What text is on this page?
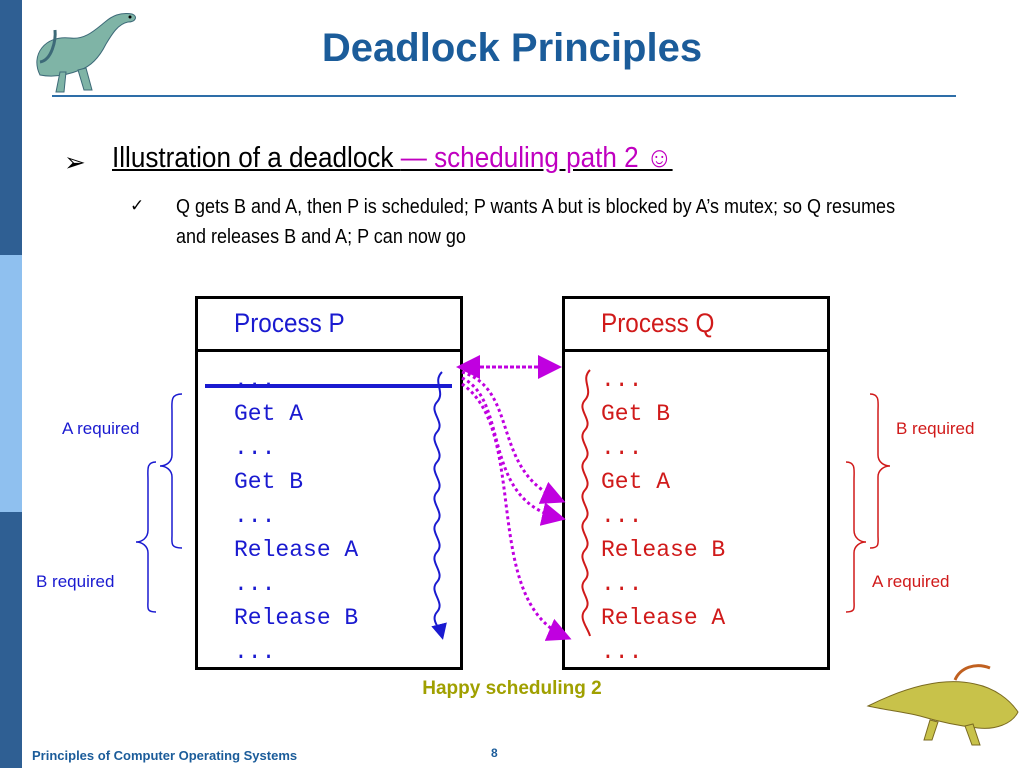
Deadlock Principles
➢ Illustration of a deadlock — scheduling path 2 ☺
✓ Q gets B and A, then P is scheduled; P wants A but is blocked by A’s mutex; so Q resumes and releases B and A; P can now go
Process P
...
Get A
...
Get B
...
Release A
...
Release B
...
Process Q
...
Get B
...
Get A
...
Release B
...
Release A
...
A required
B required
B required
A required
Happy scheduling 2
Principles of Computer Operating Systems	8
